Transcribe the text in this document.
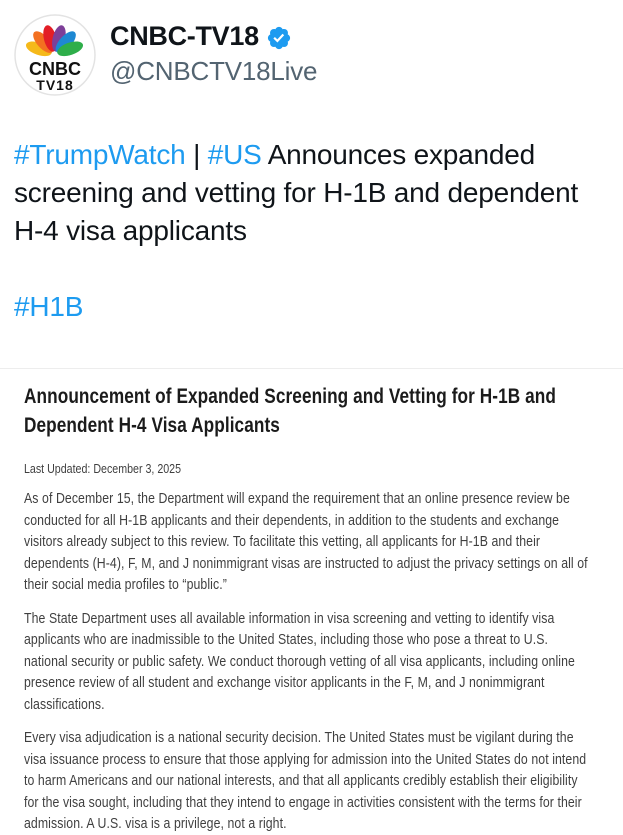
CNBC
TV18
CNBC-TV18
@CNBCTV18Live

#TrumpWatch | #US Announces expanded screening and vetting for H-1B and dependent H-4 visa applicants

#H1B

Announcement of Expanded Screening and Vetting for H-1B and Dependent H-4 Visa Applicants
Last Updated: December 3, 2025

As of December 15, the Department will expand the requirement that an online presence review be conducted for all H-1B applicants and their dependents, in addition to the students and exchange visitors already subject to this review. To facilitate this vetting, all applicants for H-1B and their dependents (H-4), F, M, and J nonimmigrant visas are instructed to adjust the privacy settings on all of their social media profiles to “public.”

The State Department uses all available information in visa screening and vetting to identify visa applicants who are inadmissible to the United States, including those who pose a threat to U.S. national security or public safety. We conduct thorough vetting of all visa applicants, including online presence review of all student and exchange visitor applicants in the F, M, and J nonimmigrant classifications.

Every visa adjudication is a national security decision. The United States must be vigilant during the visa issuance process to ensure that those applying for admission into the United States do not intend to harm Americans and our national interests, and that all applicants credibly establish their eligibility for the visa sought, including that they intend to engage in activities consistent with the terms for their admission. A U.S. visa is a privilege, not a right.
